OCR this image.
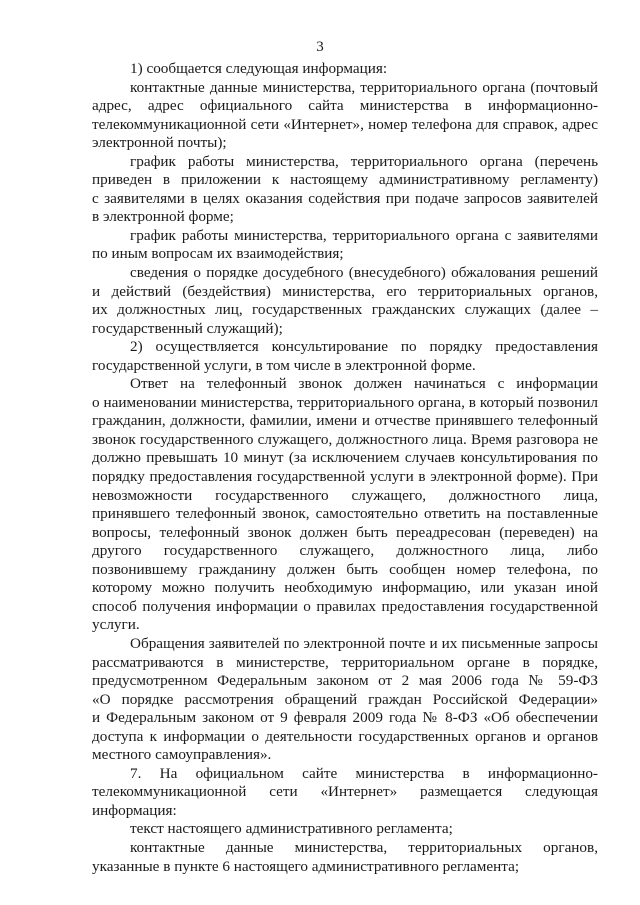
3
1) сообщается следующая информация:
контактные данные министерства, территориального органа (почтовый
адрес, адрес официального сайта министерства в информационно-
телекоммуникационной сети «Интернет», номер телефона для справок, адрес
электронной почты);
график работы министерства, территориального органа (перечень
приведен в приложении к настоящему административному регламенту)
с заявителями в целях оказания содействия при подаче запросов заявителей
в электронной форме;
график работы министерства, территориального органа с заявителями
по иным вопросам их взаимодействия;
сведения о порядке досудебного (внесудебного) обжалования решений
и действий (бездействия) министерства, его территориальных органов,
их должностных лиц, государственных гражданских служащих (далее –
государственный служащий);
2) осуществляется консультирование по порядку предоставления
государственной услуги, в том числе в электронной форме.
Ответ на телефонный звонок должен начинаться с информации
о наименовании министерства, территориального органа, в который позвонил
гражданин, должности, фамилии, имени и отчестве принявшего телефонный
звонок государственного служащего, должностного лица. Время разговора не
должно превышать 10 минут (за исключением случаев консультирования по
порядку предоставления государственной услуги в электронной форме). При
невозможности государственного служащего, должностного лица,
принявшего телефонный звонок, самостоятельно ответить на поставленные
вопросы, телефонный звонок должен быть переадресован (переведен) на
другого государственного служащего, должностного лица, либо
позвонившему гражданину должен быть сообщен номер телефона, по
которому можно получить необходимую информацию, или указан иной
способ получения информации о правилах предоставления государственной
услуги.
Обращения заявителей по электронной почте и их письменные запросы
рассматриваются в министерстве, территориальном органе в порядке,
предусмотренном Федеральным законом от 2 мая 2006 года № 59-ФЗ
«О порядке рассмотрения обращений граждан Российской Федерации»
и Федеральным законом от 9 февраля 2009 года № 8-ФЗ «Об обеспечении
доступа к информации о деятельности государственных органов и органов
местного самоуправления».
7. На официальном сайте министерства в информационно-
телекоммуникационной сети «Интернет» размещается следующая
информация:
текст настоящего административного регламента;
контактные данные министерства, территориальных органов,
указанные в пункте 6 настоящего административного регламента;
